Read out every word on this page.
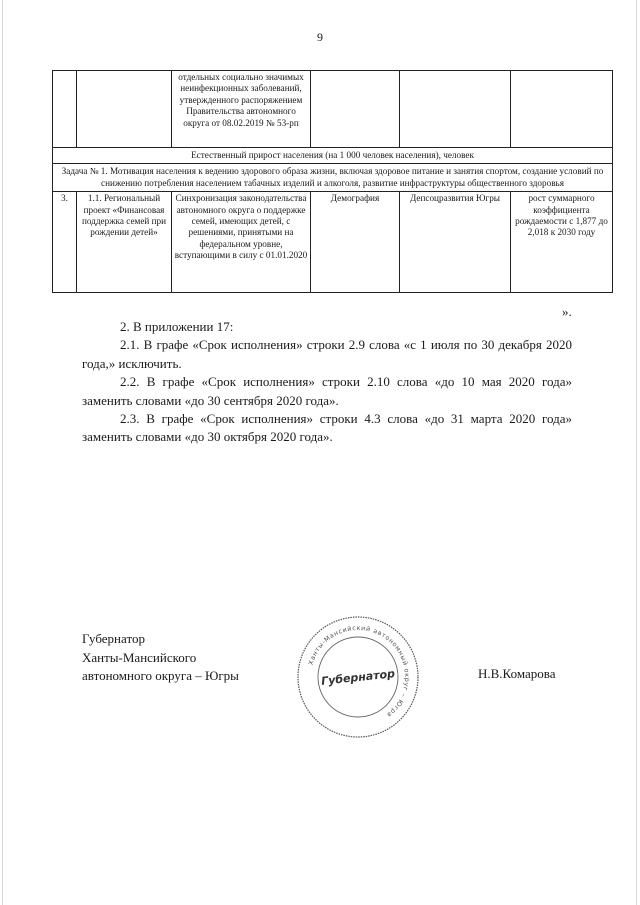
9
		отдельных социально значимых неинфекционных заболеваний, утвержденного распоряжением Правительства автономного округа от 08.02.2019 № 53-рп			
Естественный прирост населения (на 1 000 человек населения), человек					
Задача № 1. Мотивация населения к ведению здорового образа жизни, включая здоровое питание и занятия спортом, создание условий по снижению потребления населением табачных изделий и алкоголя, развитие инфраструктуры общественного здоровья					
3.	1.1. Региональный проект «Финансовая поддержка семей при рождении детей»	Синхронизация законодательства автономного округа о поддержке семей, имеющих детей, с решениями, принятыми на федеральном уровне, вступающими в силу с 01.01.2020	Демография	Депсоцразвития Югры	рост суммарного коэффициента рождаемости с 1,877 до 2,018 к 2030 году
».

2. В приложении 17:

2.1. В графе «Срок исполнения» строки 2.9 слова «с 1 июля по 30 декабря 2020 года,» исключить.

2.2. В графе «Срок исполнения» строки 2.10 слова «до 10 мая 2020 года» заменить словами «до 30 сентября 2020 года».

2.3. В графе «Срок исполнения» строки 4.3 слова «до 31 марта 2020 года» заменить словами «до 30 октября 2020 года».

Губернатор
Ханты-Мансийского
автономного округа – Югры
Ханты-Мансийский автономный округ – Югра
Губернатор	Н.В.Комарова
